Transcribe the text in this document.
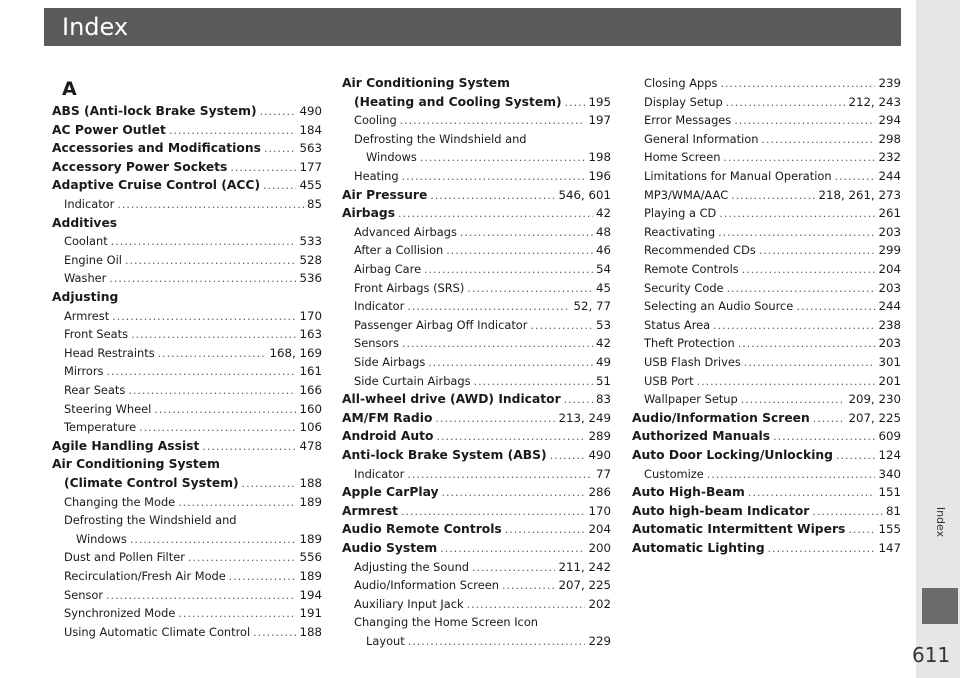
Index
Index
611
A
ABS (Anti-lock Brake System) .....	490
AC Power Outlet .....	184
Accessories and Modifications .....	563
Accessory Power Sockets .....	177
Adaptive Cruise Control (ACC) .....	455
Indicator .....	85
Additives
Coolant .....	533
Engine Oil .....	528
Washer .....	536
Adjusting
Armrest .....	170
Front Seats .....	163
Head Restraints .....	168, 169
Mirrors .....	161
Rear Seats .....	166
Steering Wheel .....	160
Temperature .....	106
Agile Handling Assist .....	478
Air Conditioning System
(Climate Control System) .....	188
Changing the Mode .....	189
Defrosting the Windshield and
Windows .....	189
Dust and Pollen Filter .....	556
Recirculation/Fresh Air Mode .....	189
Sensor .....	194
Synchronized Mode .....	191
Using Automatic Climate Control .....	188
Air Conditioning System
(Heating and Cooling System) ..... 195
Cooling .....	197
Defrosting the Windshield and
Windows .....	198
Heating .....	196
Air Pressure .....	546, 601
Airbags .....	42
Advanced Airbags .....	48
After a Collision .....	46
Airbag Care .....	54
Front Airbags (SRS) .....	45
Indicator .....	52, 77
Passenger Airbag Off Indicator .....	53
Sensors .....	42
Side Airbags .....	49
Side Curtain Airbags .....	51
All-wheel drive (AWD) Indicator .....	83
AM/FM Radio .....	213, 249
Android Auto .....	289
Anti-lock Brake System (ABS) .....	490
Indicator .....	77
Apple CarPlay .....	286
Armrest .....	170
Audio Remote Controls .....	204
Audio System .....	200
Adjusting the Sound .....	211, 242
Audio/Information Screen .....	207, 225
Auxiliary Input Jack .....	202
Changing the Home Screen Icon
Layout .....	229
Closing Apps .....	239
Display Setup .....	212, 243
Error Messages .....	294
General Information .....	298
Home Screen .....	232
Limitations for Manual Operation .....	244
MP3/WMA/AAC .....	218, 261, 273
Playing a CD .....	261
Reactivating .....	203
Recommended CDs .....	299
Remote Controls .....	204
Security Code .....	203
Selecting an Audio Source .....	244
Status Area .....	238
Theft Protection .....	203
USB Flash Drives .....	301
USB Port .....	201
Wallpaper Setup .....	209, 230
Audio/Information Screen .....	207, 225
Authorized Manuals .....	609
Auto Door Locking/Unlocking .....	124
Customize .....	340
Auto High-Beam .....	151
Auto high-beam Indicator .....	81
Automatic Intermittent Wipers .....	155
Automatic Lighting .....	147
